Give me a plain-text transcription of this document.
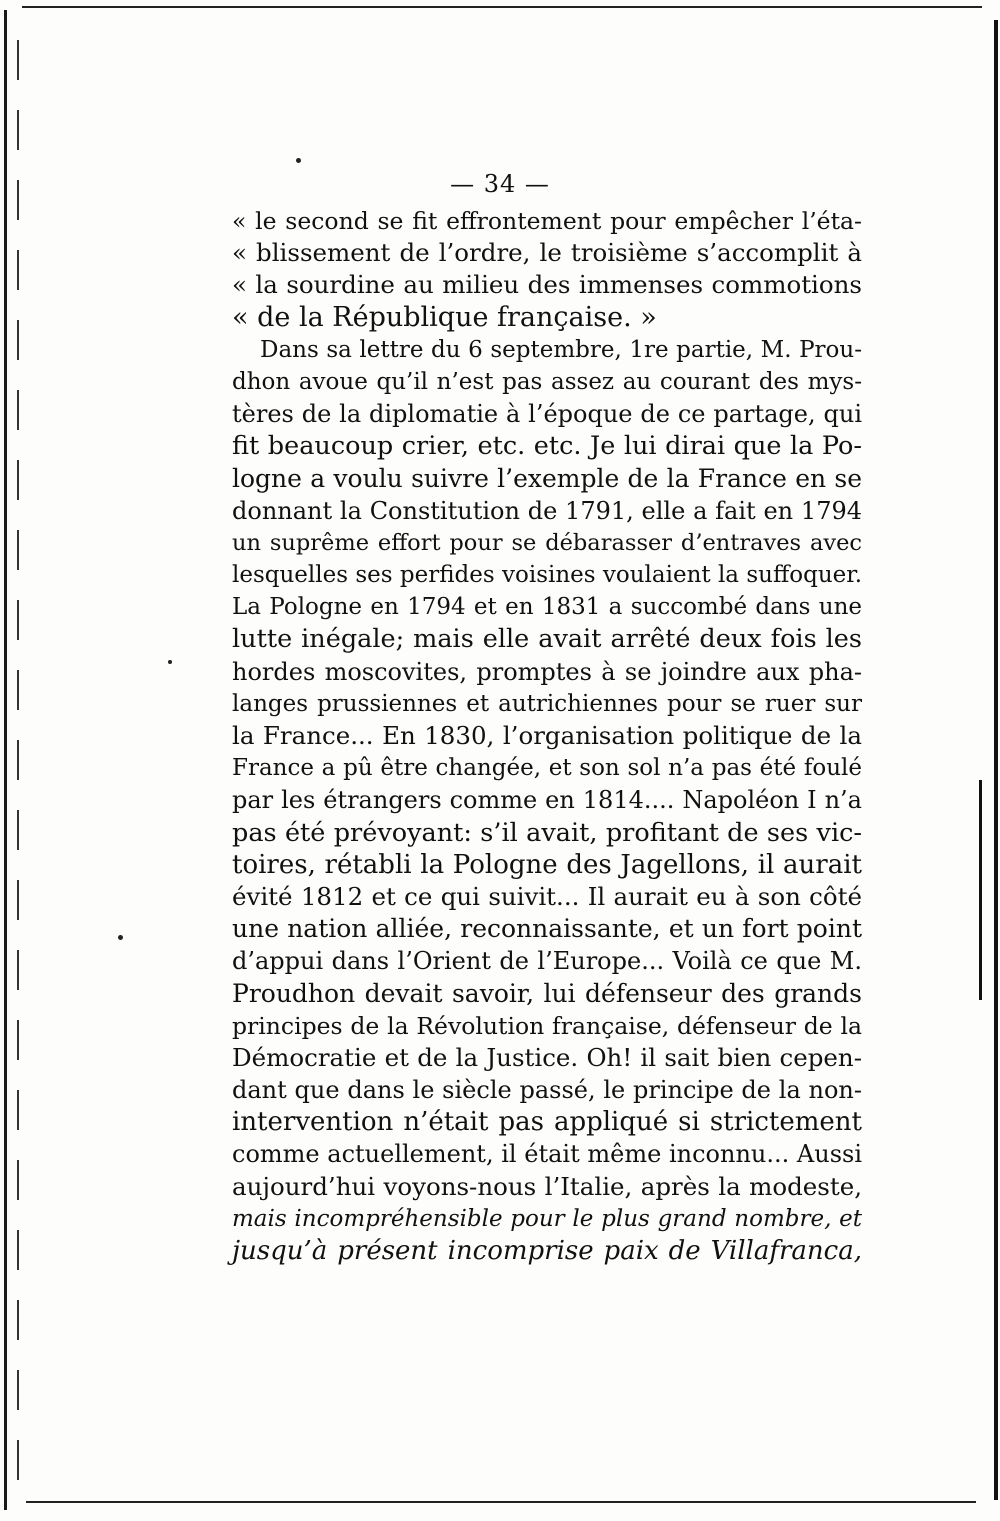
— 34 —
« le second se fit effrontement pour empêcher l’éta-
« blissement de l’ordre, le troisième s’accomplit à
« la sourdine au milieu des immenses commotions
« de la République française. »
Dans sa lettre du 6 septembre, 1re partie, M. Prou-
dhon avoue qu’il n’est pas assez au courant des mys-
tères de la diplomatie à l’époque de ce partage, qui
fit beaucoup crier, etc. etc. Je lui dirai que la Po-
logne a voulu suivre l’exemple de la France en se
donnant la Constitution de 1791, elle a fait en 1794
un suprême effort pour se débarasser d’entraves avec
lesquelles ses perfides voisines voulaient la suffoquer.
La Pologne en 1794 et en 1831 a succombé dans une
lutte inégale; mais elle avait arrêté deux fois les
hordes moscovites, promptes à se joindre aux pha-
langes prussiennes et autrichiennes pour se ruer sur
la France... En 1830, l’organisation politique de la
France a pû être changée, et son sol n’a pas été foulé
par les étrangers comme en 1814.... Napoléon I n’a
pas été prévoyant: s’il avait, profitant de ses vic-
toires, rétabli la Pologne des Jagellons, il aurait
évité 1812 et ce qui suivit... Il aurait eu à son côté
une nation alliée, reconnaissante, et un fort point
d’appui dans l’Orient de l’Europe... Voilà ce que M.
Proudhon devait savoir, lui défenseur des grands
principes de la Révolution française, défenseur de la
Démocratie et de la Justice. Oh! il sait bien cepen-
dant que dans le siècle passé, le principe de la non-
intervention n’était pas appliqué si strictement
comme actuellement, il était même inconnu... Aussi
aujourd’hui voyons-nous l’Italie, après la modeste,
mais incompréhensible pour le plus grand nombre, et
jusqu’à présent incomprise paix de Villafranca,
